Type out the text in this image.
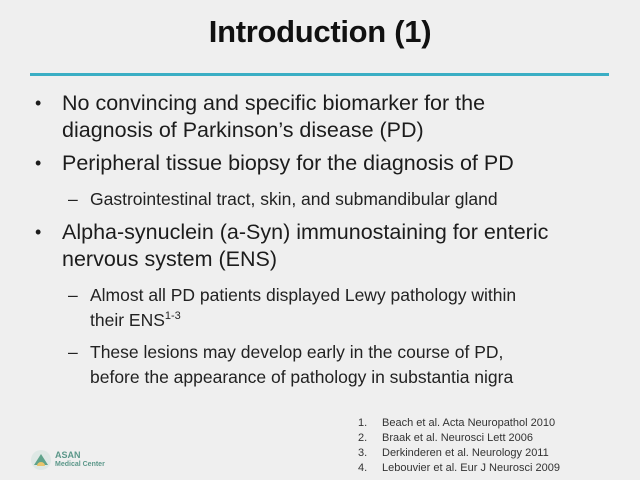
Introduction (1)
• No convincing and specific biomarker for the
diagnosis of Parkinson’s disease (PD)
• Peripheral tissue biopsy for the diagnosis of PD
– Gastrointestinal tract, skin, and submandibular gland
• Alpha-synuclein (a-Syn) immunostaining for enteric
nervous system (ENS)
– Almost all PD patients displayed Lewy pathology within
their ENS$^{1-3}$
– These lesions may develop early in the course of PD,
before the appearance of pathology in substantia nigra
1.	Beach et al. Acta Neuropathol 2010
2.	Braak et al. Neurosci Lett 2006
3.	Derkinderen et al. Neurology 2011
4.	Lebouvier et al. Eur J Neurosci 2009
ASAN
Medical Center
